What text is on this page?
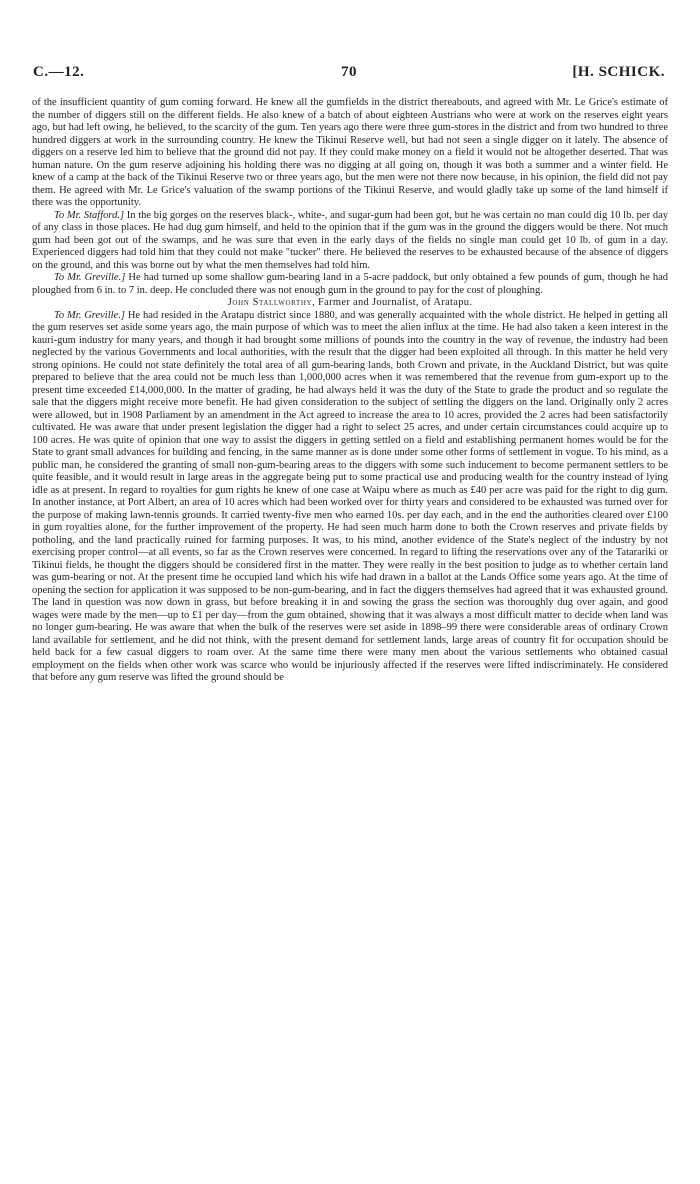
C.—12.	70	[H. SCHICK.

of the insufficient quantity of gum coming forward. He knew all the gumfields in the district thereabouts, and agreed with Mr. Le Grice's estimate of the number of diggers still on the different fields. He also knew of a batch of about eighteen Austrians who were at work on the reserves eight years ago, but had left owing, he believed, to the scarcity of the gum. Ten years ago there were three gum-stores in the district and from two hundred to three hundred diggers at work in the surrounding country. He knew the Tikinui Reserve well, but had not seen a single digger on it lately. The absence of diggers on a reserve led him to believe that the ground did not pay. If they could make money on a field it would not be altogether deserted. That was human nature. On the gum reserve adjoining his holding there was no digging at all going on, though it was both a summer and a winter field. He knew of a camp at the back of the Tikinui Reserve two or three years ago, but the men were not there now because, in his opinion, the field did not pay them. He agreed with Mr. Le Grice's valuation of the swamp portions of the Tikinui Reserve, and would gladly take up some of the land himself if there was the opportunity.

To Mr. Stafford.] In the big gorges on the reserves black-, white-, and sugar-gum had been got, but he was certain no man could dig 10 lb. per day of any class in those places. He had dug gum himself, and held to the opinion that if the gum was in the ground the diggers would be there. Not much gum had been got out of the swamps, and he was sure that even in the early days of the fields no single man could get 10 lb. of gum in a day. Experienced diggers had told him that they could not make "tucker" there. He believed the reserves to be exhausted because of the absence of diggers on the ground, and this was borne out by what the men themselves had told him.

To Mr. Greville.] He had turned up some shallow gum-bearing land in a 5-acre paddock, but only obtained a few pounds of gum, though he had ploughed from 6 in. to 7 in. deep. He concluded there was not enough gum in the ground to pay for the cost of ploughing.

John Stallworthy, Farmer and Journalist, of Aratapu.

To Mr. Greville.] He had resided in the Aratapu district since 1880, and was generally acquainted with the whole district. He helped in getting all the gum reserves set aside some years ago, the main purpose of which was to meet the alien influx at the time. He had also taken a keen interest in the kauri-gum industry for many years, and though it had brought some millions of pounds into the country in the way of revenue, the industry had been neglected by the various Governments and local authorities, with the result that the digger had been exploited all through. In this matter he held very strong opinions. He could not state definitely the total area of all gum-bearing lands, both Crown and private, in the Auckland District, but was quite prepared to believe that the area could not be much less than 1,000,000 acres when it was remembered that the revenue from gum-export up to the present time exceeded £14,000,000. In the matter of grading, he had always held it was the duty of the State to grade the product and so regulate the sale that the diggers might receive more benefit. He had given consideration to the subject of settling the diggers on the land. Originally only 2 acres were allowed, but in 1908 Parliament by an amendment in the Act agreed to increase the area to 10 acres, provided the 2 acres had been satisfactorily cultivated. He was aware that under present legislation the digger had a right to select 25 acres, and under certain circumstances could acquire up to 100 acres. He was quite of opinion that one way to assist the diggers in getting settled on a field and establishing permanent homes would be for the State to grant small advances for building and fencing, in the same manner as is done under some other forms of settlement in vogue. To his mind, as a public man, he considered the granting of small non-gum-bearing areas to the diggers with some such inducement to become permanent settlers to be quite feasible, and it would result in large areas in the aggregate being put to some practical use and producing wealth for the country instead of lying idle as at present. In regard to royalties for gum rights he knew of one case at Waipu where as much as £40 per acre was paid for the right to dig gum. In another instance, at Port Albert, an area of 10 acres which had been worked over for thirty years and considered to be exhausted was turned over for the purpose of making lawn-tennis grounds. It carried twenty-five men who earned 10s. per day each, and in the end the authorities cleared over £100 in gum royalties alone, for the further improvement of the property. He had seen much harm done to both the Crown reserves and private fields by potholing, and the land practically ruined for farming purposes. It was, to his mind, another evidence of the State's neglect of the industry by not exercising proper control—at all events, so far as the Crown reserves were concerned. In regard to lifting the reservations over any of the Tatarariki or Tikinui fields, he thought the diggers should be considered first in the matter. They were really in the best position to judge as to whether certain land was gum-bearing or not. At the present time he occupied land which his wife had drawn in a ballot at the Lands Office some years ago. At the time of opening the section for application it was supposed to be non-gum-bearing, and in fact the diggers themselves had agreed that it was exhausted ground. The land in question was now down in grass, but before breaking it in and sowing the grass the section was thoroughly dug over again, and good wages were made by the men—up to £1 per day—from the gum obtained, showing that it was always a most difficult matter to decide when land was no longer gum-bearing. He was aware that when the bulk of the reserves were set aside in 1898–99 there were considerable areas of ordinary Crown land available for settlement, and he did not think, with the present demand for settlement lands, large areas of country fit for occupation should be held back for a few casual diggers to roam over. At the same time there were many men about the various settlements who obtained casual employment on the fields when other work was scarce who would be injuriously affected if the reserves were lifted indiscriminately. He considered that before any gum reserve was lifted the ground should be
